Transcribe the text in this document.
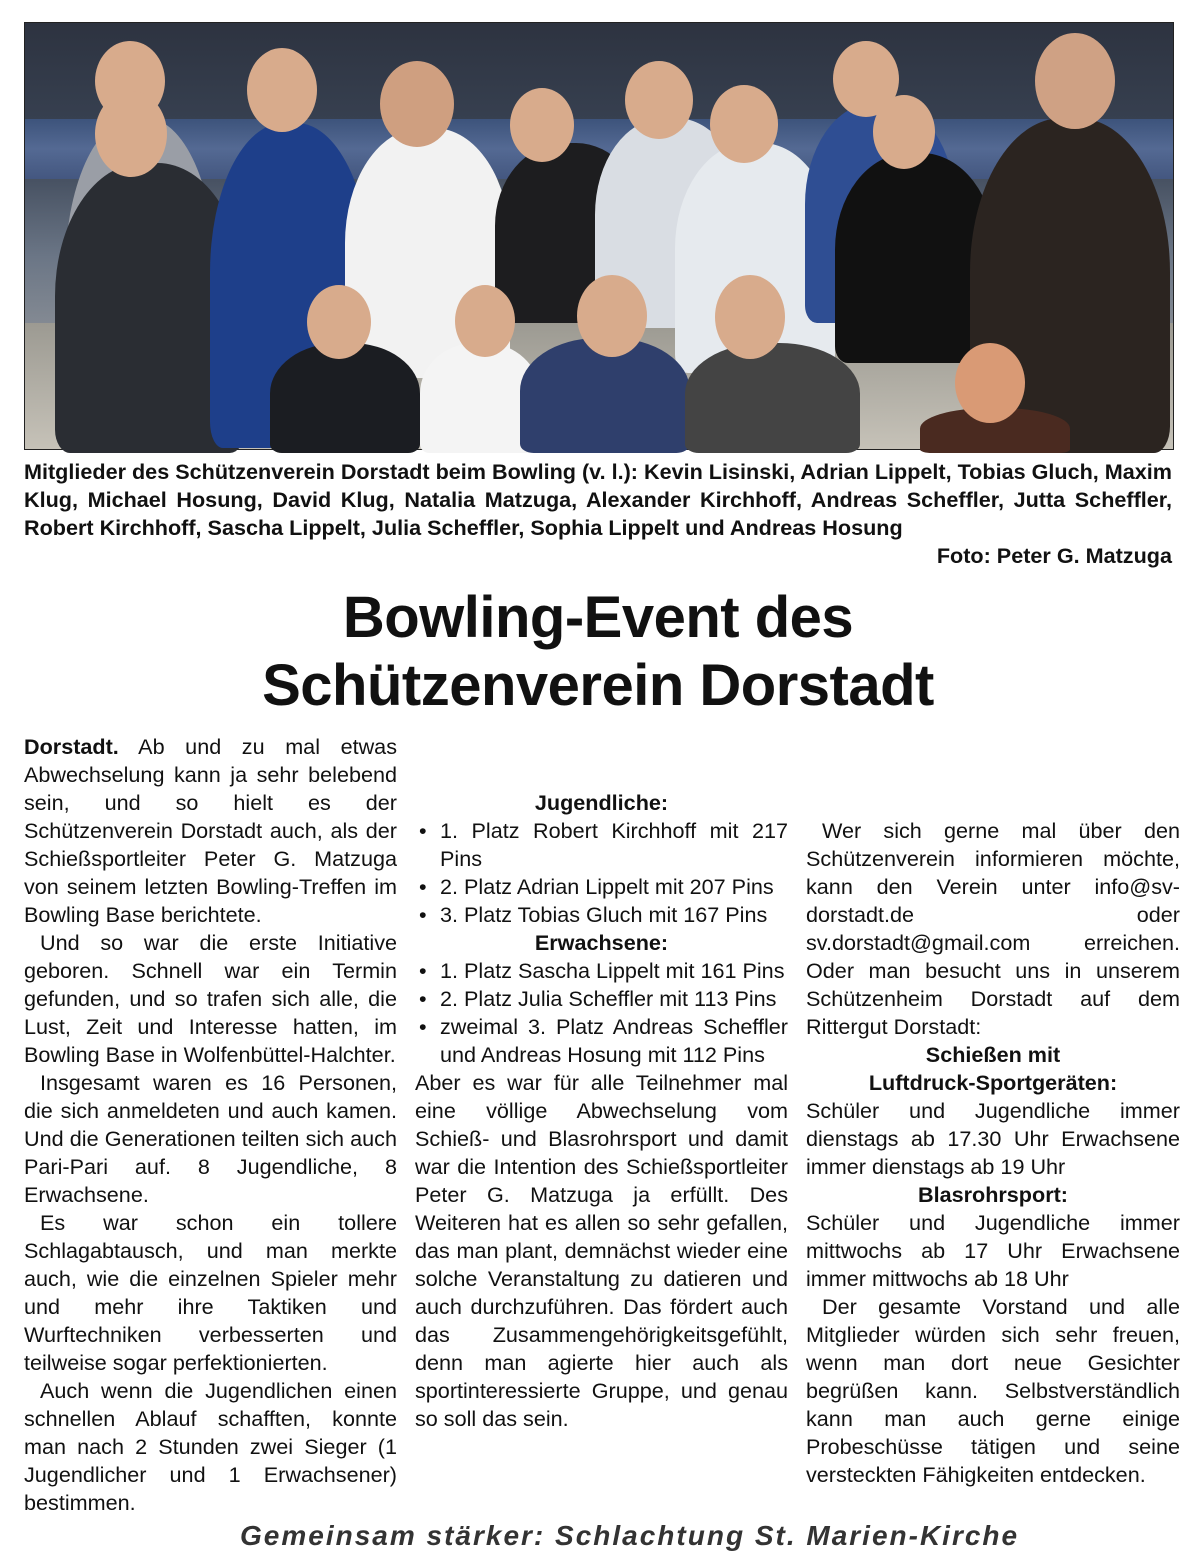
Mitglieder des Schützenverein Dorstadt beim Bowling (v. l.): Kevin Lisinski, Adrian Lippelt, Tobias Gluch, Maxim Klug, Michael Hosung, David Klug, Natalia Matzuga, Alexander Kirchhoff, Andreas Scheffler, Jutta Scheffler, Robert Kirchhoff, Sascha Lippelt, Julia Scheffler, Sophia Lippelt und Andreas Hosung
Foto: Peter G. Matzuga
Bowling-Event des
Schützenverein Dorstadt

Dorstadt. Ab und zu mal etwas Abwechselung kann ja sehr belebend sein, und so hielt es der Schützenverein Dorstadt auch, als der Schießsportleiter Peter G. Matzuga von seinem letzten Bowling-Treffen im Bowling Base berichtete.

Und so war die erste Initiative geboren. Schnell war ein Termin gefunden, und so trafen sich alle, die Lust, Zeit und Interesse hatten, im Bowling Base in Wolfenbüttel-Halchter.

Insgesamt waren es 16 Personen, die sich anmeldeten und auch kamen. Und die Generationen teilten sich auch Pari-Pari auf. 8 Jugendliche, 8 Erwachsene.

Es war schon ein tollere Schlagabtausch, und man merkte auch, wie die einzelnen Spieler mehr und mehr ihre Taktiken und Wurftechniken verbesserten und teilweise sogar perfektionierten.

Auch wenn die Jugendlichen einen schnellen Ablauf schafften, konnte man nach 2 Stunden zwei Sieger (1 Jugendlicher und 1 Erwachsener) bestimmen.

Jugendliche:
• 1. Platz Robert Kirchhoff mit 217 Pins
• 2. Platz Adrian Lippelt mit 207 Pins
• 3. Platz Tobias Gluch mit 167 Pins
Erwachsene:
• 1. Platz Sascha Lippelt mit 161 Pins
• 2. Platz Julia Scheffler mit 113 Pins
• zweimal 3. Platz Andreas Scheffler und Andreas Hosung mit 112 Pins

Aber es war für alle Teilnehmer mal eine völlige Abwechselung vom Schieß- und Blasrohrsport und damit war die Intention des Schießsportleiter Peter G. Matzuga ja erfüllt. Des Weiteren hat es allen so sehr gefallen, das man plant, demnächst wieder eine solche Veranstaltung zu datieren und auch durchzuführen. Das fördert auch das Zusammengehörigkeitsgefühlt, denn man agierte hier auch als sportinteressierte Gruppe, und genau so soll das sein.

Wer sich gerne mal über den Schützenverein informieren möchte, kann den Verein unter info@sv-dorstadt.de oder sv.dorstadt@gmail.com erreichen. Oder man besucht uns in unserem Schützenheim Dorstadt auf dem Rittergut Dorstadt:

Schießen mit
Luftdruck-Sportgeräten:

Schüler und Jugendliche immer dienstags ab 17.30 Uhr Erwachsene immer dienstags ab 19 Uhr

Blasrohrsport:

Schüler und Jugendliche immer mittwochs ab 17 Uhr Erwachsene immer mittwochs ab 18 Uhr

Der gesamte Vorstand und alle Mitglieder würden sich sehr freuen, wenn man dort neue Gesichter begrüßen kann. Selbstverständlich kann man auch gerne einige Probeschüsse tätigen und seine versteckten Fähigkeiten entdecken.

Gemeinsam stärker: Schlachtung St. Marien-Kirche
